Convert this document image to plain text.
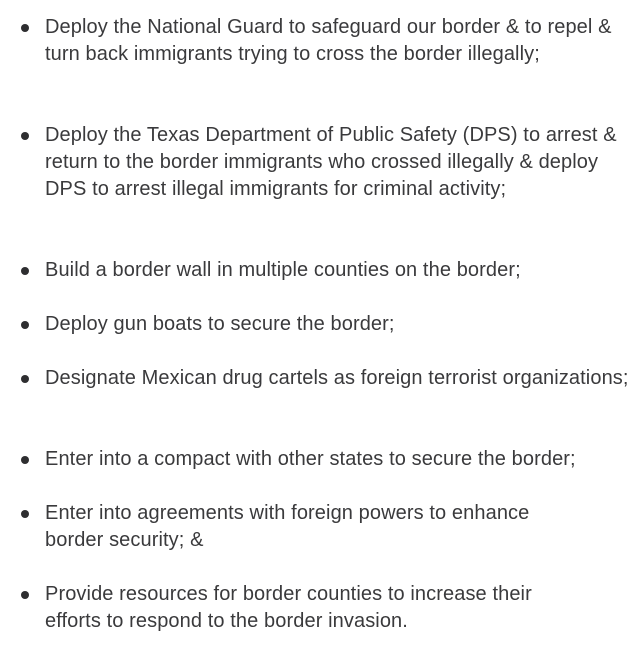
Deploy the National Guard to safeguard our border & to repel & turn back immigrants trying to cross the border illegally;

Deploy the Texas Department of Public Safety (DPS) to arrest & return to the border immigrants who crossed illegally & deploy DPS to arrest illegal immigrants for criminal activity;

Build a border wall in multiple counties on the border;

Deploy gun boats to secure the border;

Designate Mexican drug cartels as foreign terrorist organizations;

Enter into a compact with other states to secure the border;

Enter into agreements with foreign powers to enhance border security; &

Provide resources for border counties to increase their efforts to respond to the border invasion.
